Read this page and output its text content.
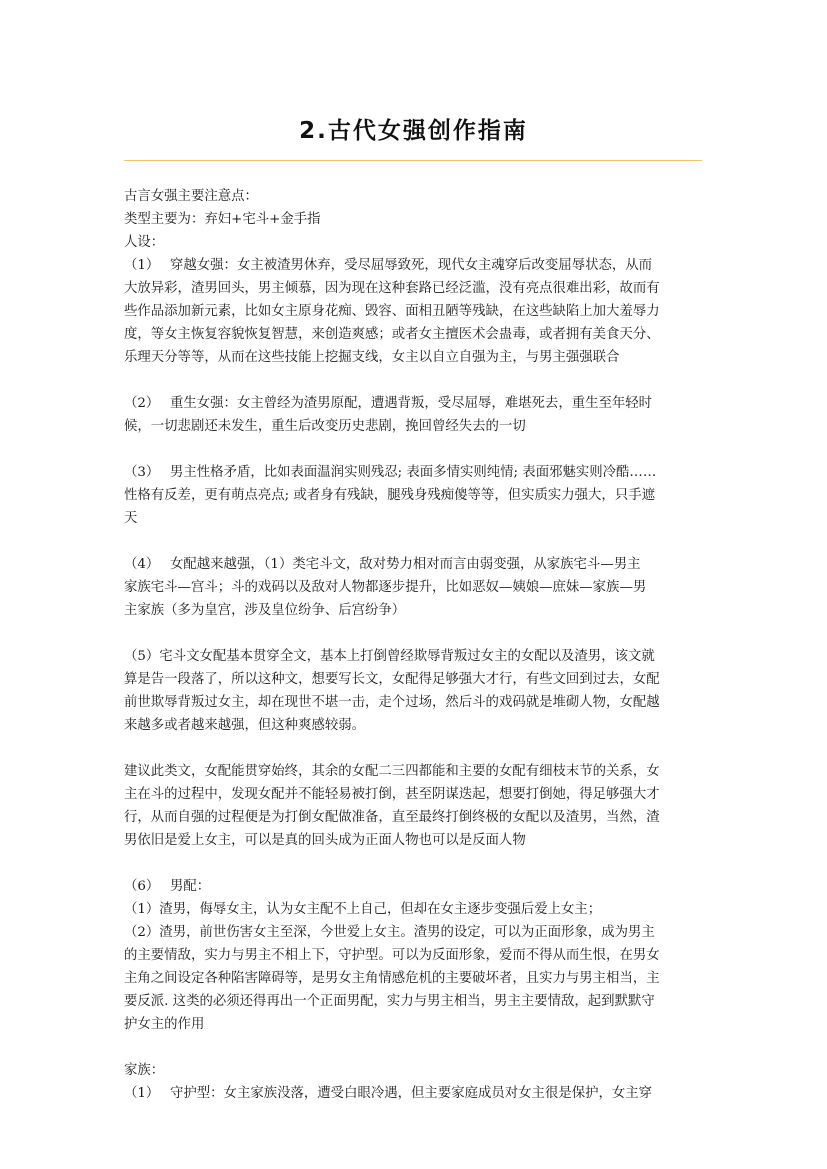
2.古代女强创作指南
古言女强主要注意点：
类型主要为：弃妇+宅斗+金手指
人设：
（1） 穿越女强：女主被渣男休弃，受尽屈辱致死，现代女主魂穿后改变屈辱状态，从而
大放异彩，渣男回头，男主倾慕，因为现在这种套路已经泛滥，没有亮点很难出彩，故而有
些作品添加新元素，比如女主原身花痴、毁容、面相丑陋等残缺，在这些缺陷上加大羞辱力
度，等女主恢复容貌恢复智慧，来创造爽感；或者女主擅医术会蛊毒，或者拥有美食天分、
乐理天分等等，从而在这些技能上挖掘支线，女主以自立自强为主，与男主强强联合
（2） 重生女强：女主曾经为渣男原配，遭遇背叛，受尽屈辱，难堪死去，重生至年轻时
候，一切悲剧还未发生，重生后改变历史悲剧，挽回曾经失去的一切
（3） 男主性格矛盾，比如表面温润实则残忍; 表面多情实则纯情; 表面邪魅实则冷酷……
性格有反差，更有萌点亮点; 或者身有残缺，腿残身残痴傻等等，但实质实力强大，只手遮
天
（4） 女配越来越强，（1）类宅斗文，敌对势力相对而言由弱变强，从家族宅斗—男主
家族宅斗—宫斗；斗的戏码以及敌对人物都逐步提升，比如恶奴—姨娘—庶妹—家族—男
主家族（多为皇宫，涉及皇位纷争、后宫纷争）
（5）宅斗文女配基本贯穿全文，基本上打倒曾经欺辱背叛过女主的女配以及渣男，该文就
算是告一段落了，所以这种文，想要写长文，女配得足够强大才行，有些文回到过去，女配
前世欺辱背叛过女主，却在现世不堪一击，走个过场，然后斗的戏码就是堆砌人物，女配越
来越多或者越来越强，但这种爽感较弱。
建议此类文，女配能贯穿始终，其余的女配二三四都能和主要的女配有细枝末节的关系，女
主在斗的过程中，发现女配并不能轻易被打倒，甚至阴谋迭起，想要打倒她，得足够强大才
行，从而自强的过程便是为打倒女配做准备，直至最终打倒终极的女配以及渣男，当然，渣
男依旧是爱上女主，可以是真的回头成为正面人物也可以是反面人物
（6） 男配：
（1）渣男，侮辱女主，认为女主配不上自己，但却在女主逐步变强后爱上女主；
（2）渣男，前世伤害女主至深，今世爱上女主。渣男的设定，可以为正面形象，成为男主
的主要情敌，实力与男主不相上下，守护型。可以为反面形象，爱而不得从而生恨，在男女
主角之间设定各种陷害障碍等，是男女主角情感危机的主要破坏者，且实力与男主相当，主
要反派. 这类的必须还得再出一个正面男配，实力与男主相当，男主主要情敌，起到默默守
护女主的作用
家族：
（1） 守护型：女主家族没落，遭受白眼冷遇，但主要家庭成员对女主很是保护，女主穿
